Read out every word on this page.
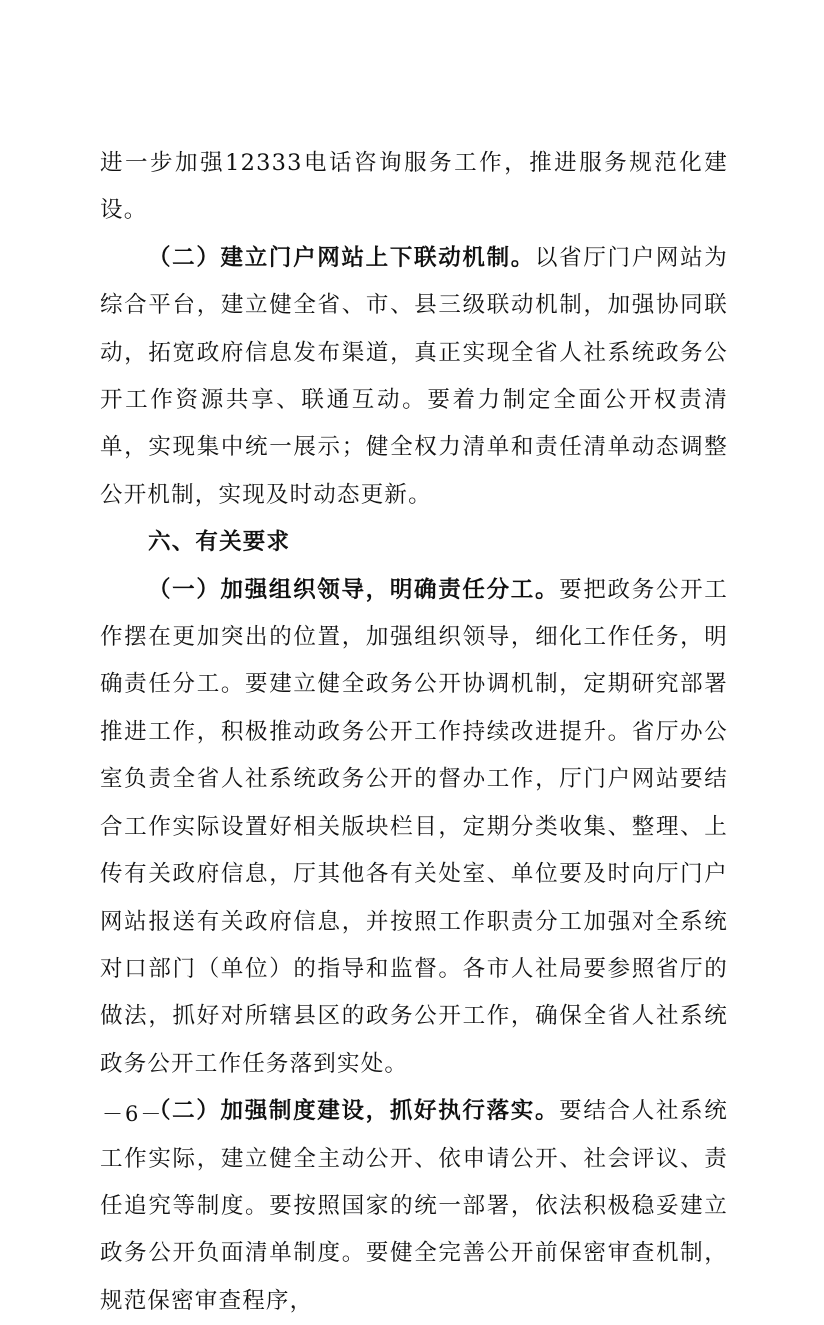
进一步加强12333电话咨询服务工作，推进服务规范化建设。

（二）建立门户网站上下联动机制。以省厅门户网站为综合平台，建立健全省、市、县三级联动机制，加强协同联动，拓宽政府信息发布渠道，真正实现全省人社系统政务公开工作资源共享、联通互动。要着力制定全面公开权责清单，实现集中统一展示；健全权力清单和责任清单动态调整公开机制，实现及时动态更新。

六、有关要求

（一）加强组织领导，明确责任分工。要把政务公开工作摆在更加突出的位置，加强组织领导，细化工作任务，明确责任分工。要建立健全政务公开协调机制，定期研究部署推进工作，积极推动政务公开工作持续改进提升。省厅办公室负责全省人社系统政务公开的督办工作，厅门户网站要结合工作实际设置好相关版块栏目，定期分类收集、整理、上传有关政府信息，厅其他各有关处室、单位要及时向厅门户网站报送有关政府信息，并按照工作职责分工加强对全系统对口部门（单位）的指导和监督。各市人社局要参照省厅的做法，抓好对所辖县区的政务公开工作，确保全省人社系统政务公开工作任务落到实处。

（二）加强制度建设，抓好执行落实。要结合人社系统工作实际，建立健全主动公开、依申请公开、社会评议、责任追究等制度。要按照国家的统一部署，依法积极稳妥建立政务公开负面清单制度。要健全完善公开前保密审查机制，规范保密审查程序，

－6－
